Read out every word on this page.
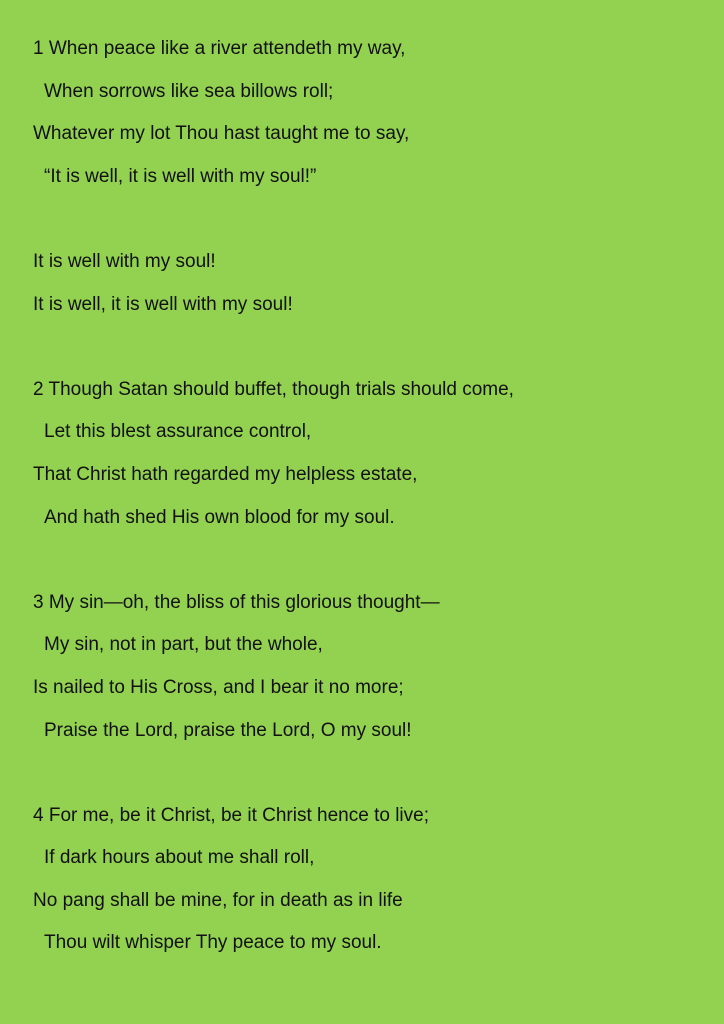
1 When peace like a river attendeth my way,
When sorrows like sea billows roll;
Whatever my lot Thou hast taught me to say,
“It is well, it is well with my soul!”
It is well with my soul!
It is well, it is well with my soul!
2 Though Satan should buffet, though trials should come,
Let this blest assurance control,
That Christ hath regarded my helpless estate,
And hath shed His own blood for my soul.
3 My sin—oh, the bliss of this glorious thought—
My sin, not in part, but the whole,
Is nailed to His Cross, and I bear it no more;
Praise the Lord, praise the Lord, O my soul!
4 For me, be it Christ, be it Christ hence to live;
If dark hours about me shall roll,
No pang shall be mine, for in death as in life
Thou wilt whisper Thy peace to my soul.
